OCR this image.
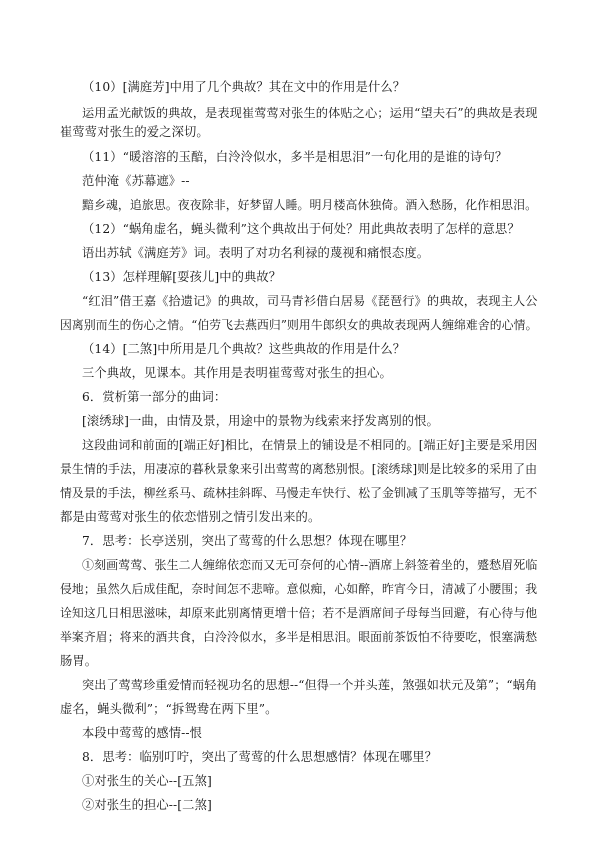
（10）[满庭芳]中用了几个典故？其在文中的作用是什么？
运用孟光献饭的典故，是表现崔莺莺对张生的体贴之心；运用“望夫石”的典故是表现
崔莺莺对张生的爱之深切。
（11）“暖溶溶的玉醅，白泠泠似水，多半是相思泪”一句化用的是谁的诗句？
范仲淹《苏幕遮》--
黯乡魂，追旅思。夜夜除非，好梦留人睡。明月楼高休独倚。酒入愁肠，化作相思泪。
（12）“蜗角虚名，蝇头微利”这个典故出于何处？用此典故表明了怎样的意思？
语出苏轼《满庭芳》词。表明了对功名利禄的蔑视和痛恨态度。
（13）怎样理解[耍孩儿]中的典故？
“红泪”借王嘉《拾遗记》的典故，司马青衫借白居易《琵琶行》的典故，表现主人公
因离别而生的伤心之情。“伯劳飞去燕西归”则用牛郎织女的典故表现两人缠绵难舍的心情。
（14）[二煞]中所用是几个典故？这些典故的作用是什么？
三个典故，见课本。其作用是表明崔莺莺对张生的担心。
6．赏析第一部分的曲词：
[滚绣球]一曲，由情及景，用途中的景物为线索来抒发离别的恨。
这段曲词和前面的[端正好]相比，在情景上的铺设是不相同的。[端正好]主要是采用因
景生情的手法，用凄凉的暮秋景象来引出莺莺的离愁别恨。[滚绣球]则是比较多的采用了由
情及景的手法，柳丝系马、疏林挂斜晖、马慢走车快行、松了金钏减了玉肌等等描写，无不
都是由莺莺对张生的依恋惜别之情引发出来的。
7．思考：长亭送别，突出了莺莺的什么思想？体现在哪里？
①刻画莺莺、张生二人缠绵依恋而又无可奈何的心情--酒席上斜签着坐的，蹙愁眉死临
侵地；虽然久后成佳配，奈时间怎不悲啼。意似痴，心如醉，昨宵今日，清减了小腰围；我
诠知这几日相思滋味，却原来此别离情更增十倍；若不是酒席间子母每当回避，有心待与他
举案齐眉；将来的酒共食，白泠泠似水，多半是相思泪。眼面前茶饭怕不待要吃，恨塞满愁
肠胃。
突出了莺莺珍重爱情而轻视功名的思想--“但得一个并头莲，煞强如状元及第”；“蜗角
虚名，蝇头微利”；“拆鸳鸯在两下里”。
本段中莺莺的感情--恨
8．思考：临别叮咛，突出了莺莺的什么思想感情？体现在哪里？
①对张生的关心--[五煞]
②对张生的担心--[二煞]
